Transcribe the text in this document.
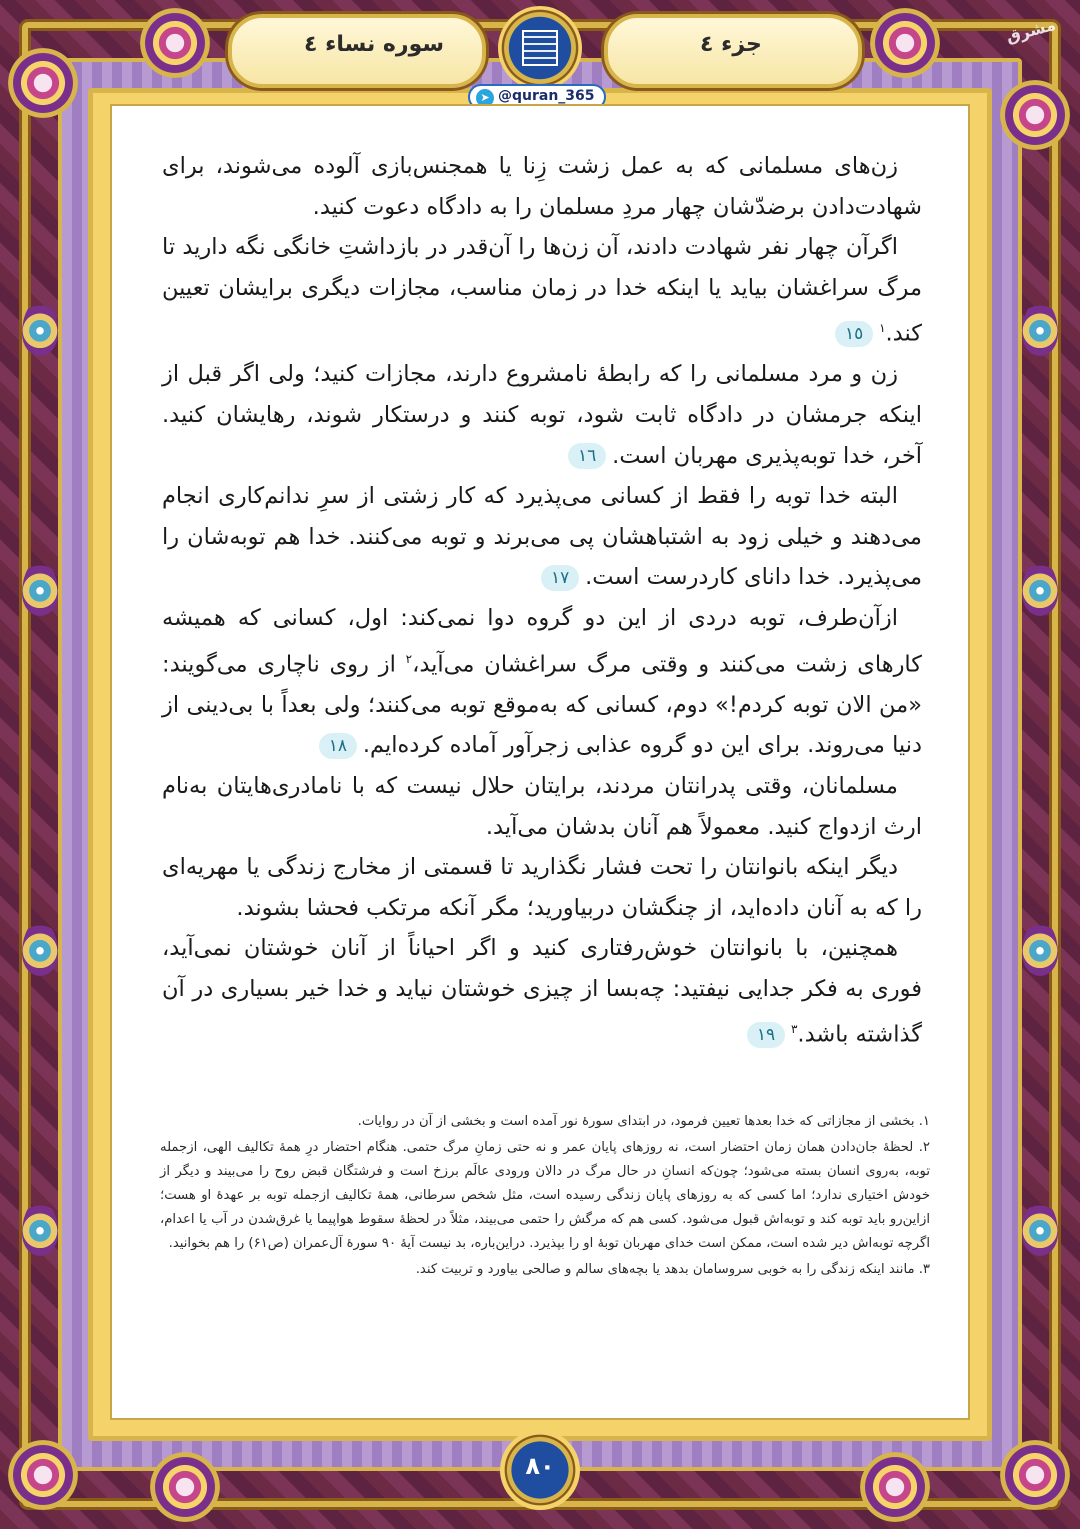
سوره نساء ٤	جزء ٤
➤ @quran_365
مشرق

زن‌های مسلمانی که به عمل زشت زِنا یا همجنس‌بازی آلوده می‌شوند، برای شهادت‌دادن برضدّشان چهار مردِ مسلمان را به دادگاه دعوت کنید.

اگرآن چهار نفر شهادت دادند، آن زن‌ها را آن‌قدر در بازداشتِ خانگی نگه دارید تا مرگ سراغشان بیاید یا اینکه خدا در زمان مناسب، مجازات دیگری برایشان تعیین کند.$^۱$١٥

زن و مرد مسلمانی را که رابطهٔ نامشروع دارند، مجازات کنید؛ ولی اگر قبل از اینکه جرمشان در دادگاه ثابت شود، توبه کنند و درستکار شوند، رهایشان کنید. آخر، خدا توبه‌پذیری مهربان است.١٦

البته خدا توبه را فقط از کسانی می‌پذیرد که کار زشتی از سرِ ندانم‌کاری انجام می‌دهند و خیلی زود به اشتباهشان پی می‌برند و توبه می‌کنند. خدا هم توبه‌شان را می‌پذیرد. خدا دانای کاردرست است.١٧

ازآن‌طرف، توبه دردی از این دو گروه دوا نمی‌کند: اول، کسانی که همیشه کارهای زشت می‌کنند و وقتی مرگ سراغشان می‌آید،$^۲$ از روی ناچاری می‌گویند: «من الان توبه کردم!» دوم، کسانی که به‌موقع توبه می‌کنند؛ ولی بعداً با بی‌دینی از دنیا می‌روند. برای این دو گروه عذابی زجرآور آماده کرده‌ایم.١٨

مسلمانان، وقتی پدرانتان مردند، برایتان حلال نیست که با نامادری‌هایتان به‌نام ارث ازدواج کنید. معمولاً هم آنان بدشان می‌آید.

دیگر اینکه بانوانتان را تحت فشار نگذارید تا قسمتی از مخارج زندگی یا مهریه‌ای را که به آنان داده‌اید، از چنگشان دربیاورید؛ مگر آنکه مرتکب فحشا بشوند.

همچنین، با بانوانتان خوش‌رفتاری کنید و اگر احیاناً از آنان خوشتان نمی‌آید، فوری به فکر جدایی نیفتید: چه‌بسا از چیزی خوشتان نیاید و خدا خیر بسیاری در آن گذاشته باشد.$^۳$١٩

۱. بخشی از مجازاتی که خدا بعدها تعیین فرمود، در ابتدای سورهٔ نور آمده است و بخشی از آن در روایات.

۲. لحظهٔ جان‌دادن همان زمان احتضار است، نه روزهای پایان عمر و نه حتی زمانِ مرگ حتمی. هنگام احتضار درِ همهٔ تکالیف الهی، ازجمله توبه، به‌روی انسان بسته می‌شود؛ چون‌که انسانِ در حال مرگ در دالان ورودی عالَم برزخ است و فرشتگان قبض روح را می‌بیند و دیگر از خودش اختیاری ندارد؛ اما کسی که به روزهای پایان زندگی رسیده است، مثل شخص سرطانی، همهٔ تکالیف ازجمله توبه بر عهدهٔ او هست؛ ازاین‌رو باید توبه کند و توبه‌اش قبول می‌شود. کسی هم که مرگش را حتمی می‌بیند، مثلاً در لحظهٔ سقوط هواپیما یا غرق‌شدن در آب یا اعدام، اگرچه توبه‌اش دیر شده است، ممکن است خدای مهربان توبهٔ او را بپذیرد. دراین‌باره، بد نیست آیهٔ ۹۰ سورهٔ آل‌عمران (ص۶۱) را هم بخوانید.

۳. مانند اینکه زندگی را به خوبی سروسامان بدهد یا بچه‌های سالم و صالحی بیاورد و تربیت کند.

٨٠
